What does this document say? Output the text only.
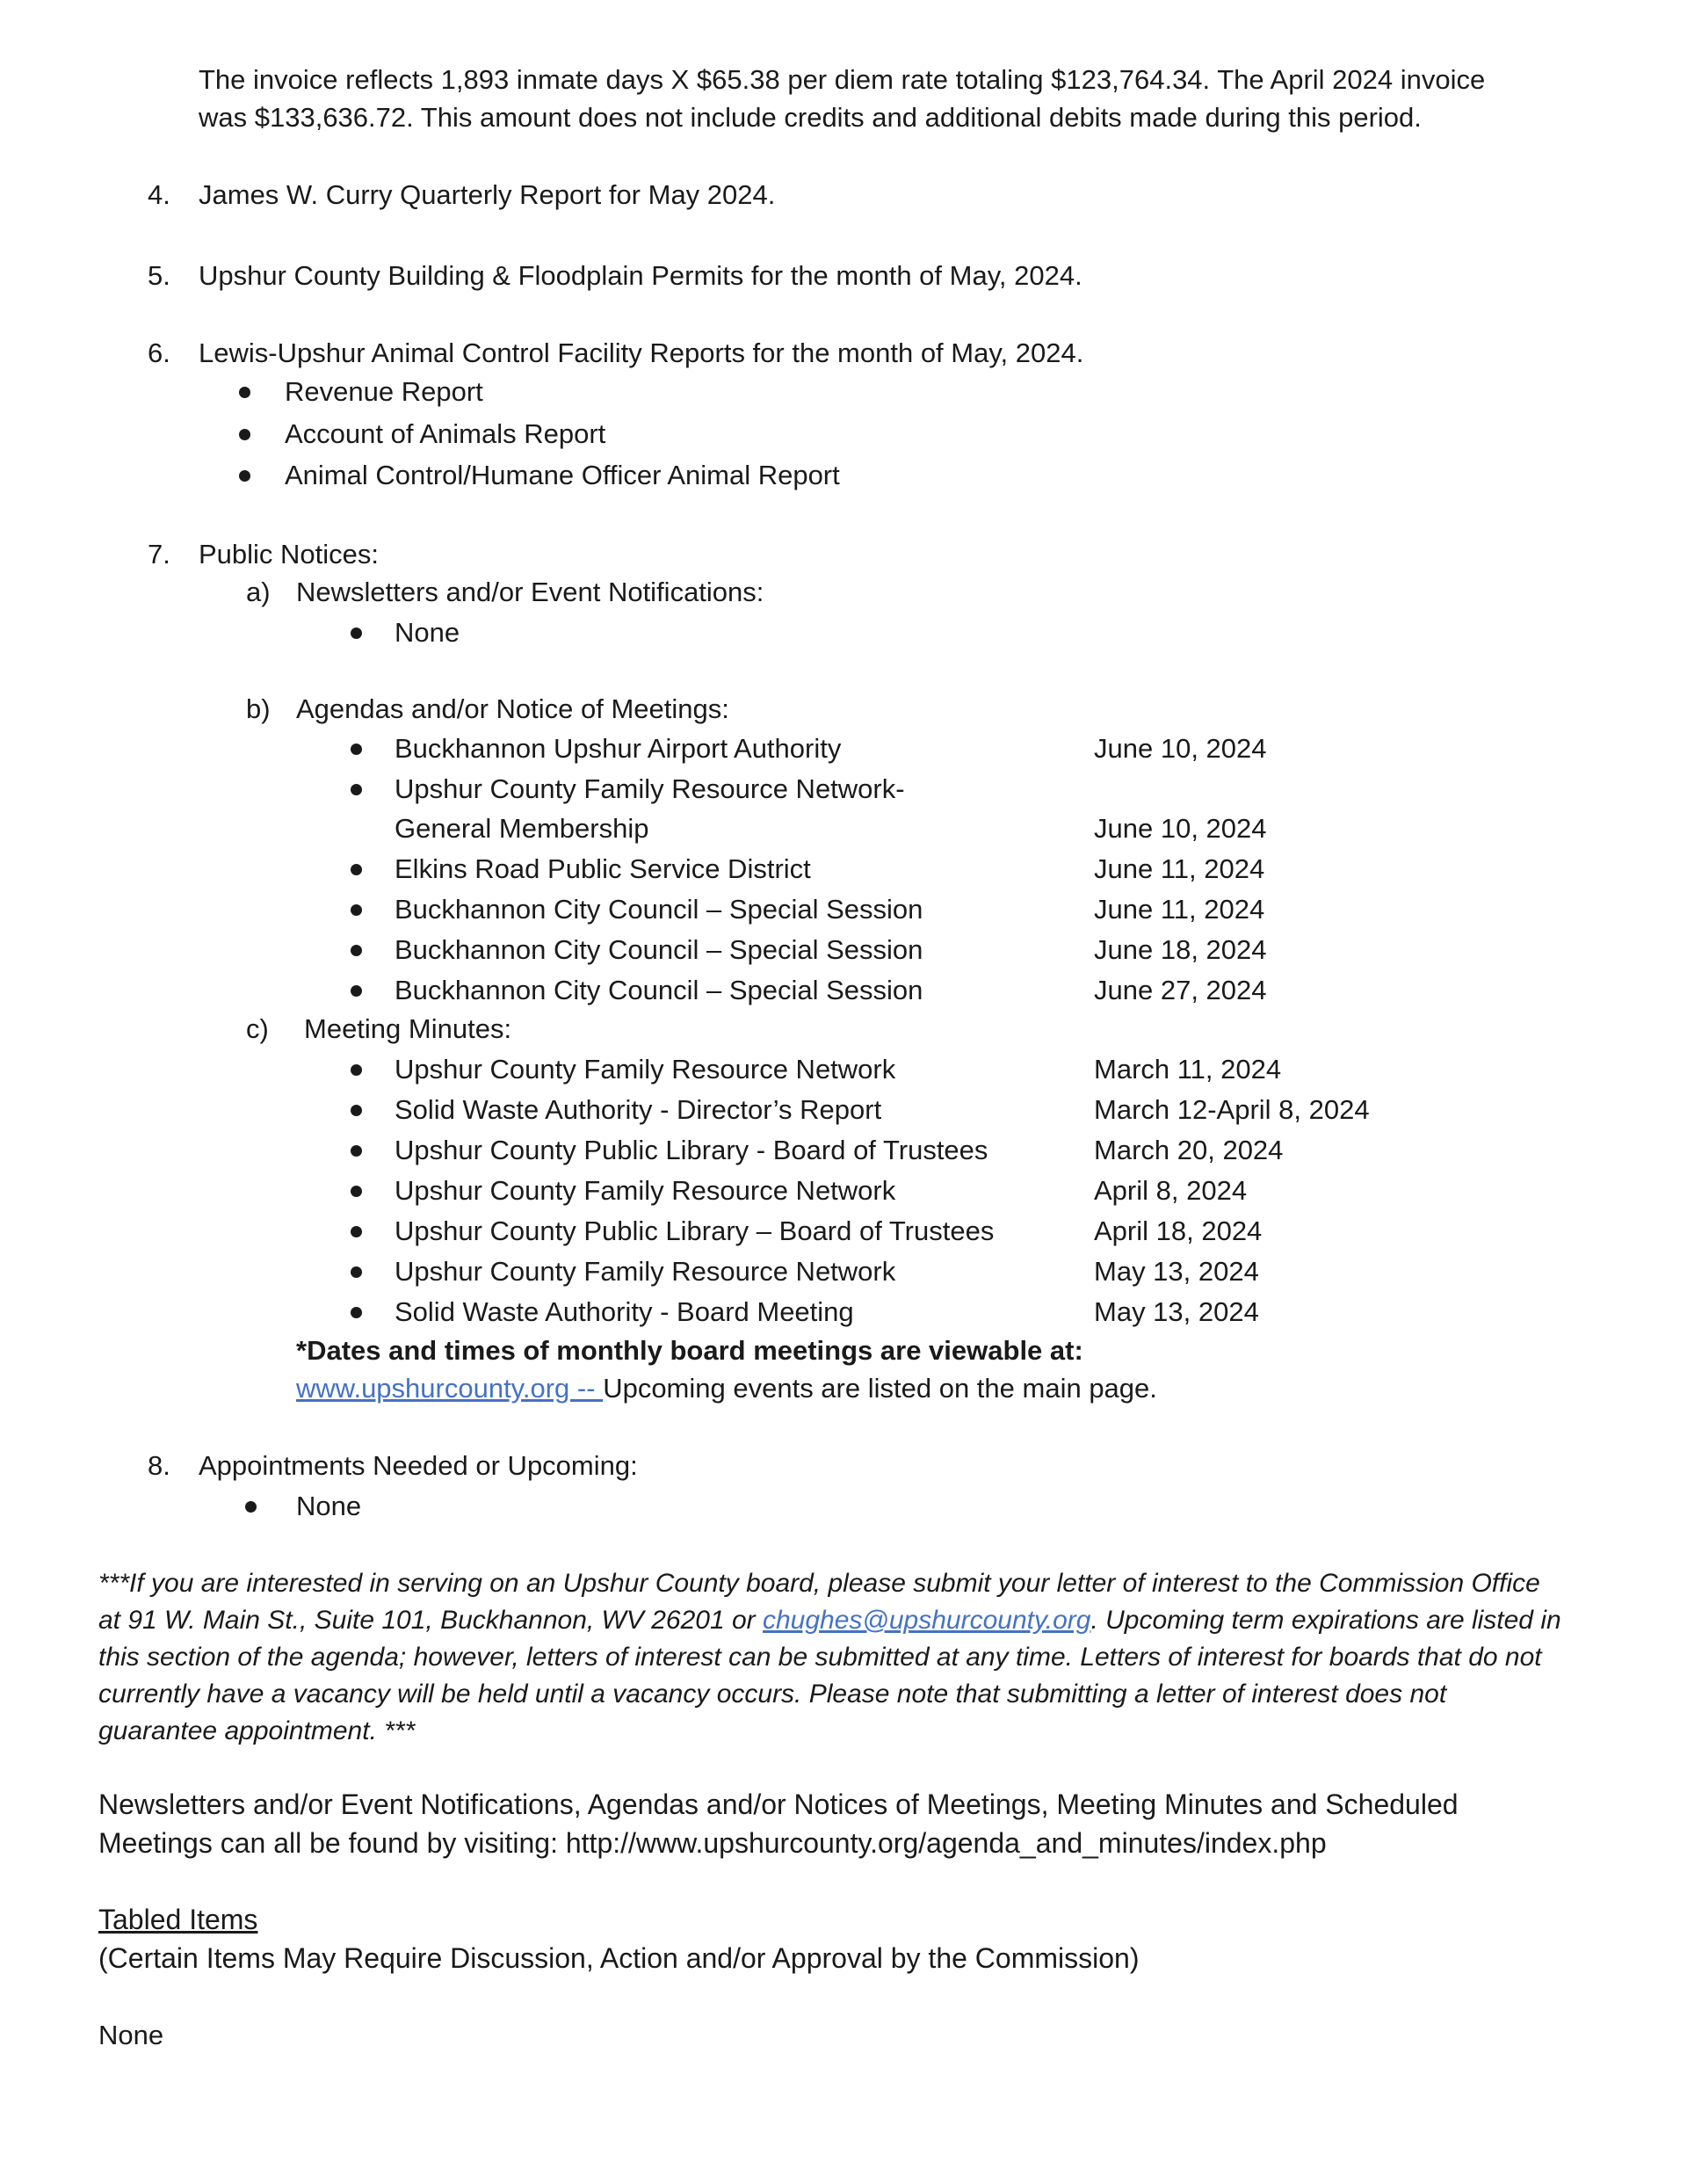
The invoice reflects 1,893 inmate days X $65.38 per diem rate totaling $123,764.34. The April 2024 invoice
was $133,636.72. This amount does not include credits and additional debits made during this period.
4. James W. Curry Quarterly Report for May 2024.
5. Upshur County Building & Floodplain Permits for the month of May, 2024.
6. Lewis-Upshur Animal Control Facility Reports for the month of May, 2024.
Revenue Report
Account of Animals Report
Animal Control/Humane Officer Animal Report
7. Public Notices:
a) Newsletters and/or Event Notifications:
None
b) Agendas and/or Notice of Meetings:
Buckhannon Upshur Airport Authority	June 10, 2024
Upshur County Family Resource Network-
General Membership	June 10, 2024
Elkins Road Public Service District	June 11, 2024
Buckhannon City Council – Special Session	June 11, 2024
Buckhannon City Council – Special Session	June 18, 2024
Buckhannon City Council – Special Session	June 27, 2024
c) Meeting Minutes:
Upshur County Family Resource Network	March 11, 2024
Solid Waste Authority - Director’s Report	March 12-April 8, 2024
Upshur County Public Library - Board of Trustees	March 20, 2024
Upshur County Family Resource Network	April 8, 2024
Upshur County Public Library – Board of Trustees	April 18, 2024
Upshur County Family Resource Network	May 13, 2024
Solid Waste Authority - Board Meeting	May 13, 2024
*Dates and times of monthly board meetings are viewable at:
www.upshurcounty.org -- Upcoming events are listed on the main page.
8. Appointments Needed or Upcoming:
None
***If you are interested in serving on an Upshur County board, please submit your letter of interest to the Commission Office at 91 W. Main St., Suite 101, Buckhannon, WV 26201 or chughes@upshurcounty.org. Upcoming term expirations are listed in this section of the agenda; however, letters of interest can be submitted at any time. Letters of interest for boards that do not currently have a vacancy will be held until a vacancy occurs. Please note that submitting a letter of interest does not guarantee appointment. ***
Newsletters and/or Event Notifications, Agendas and/or Notices of Meetings, Meeting Minutes and Scheduled
Meetings can all be found by visiting: http://www.upshurcounty.org/agenda_and_minutes/index.php
Tabled Items
(Certain Items May Require Discussion, Action and/or Approval by the Commission)
None
